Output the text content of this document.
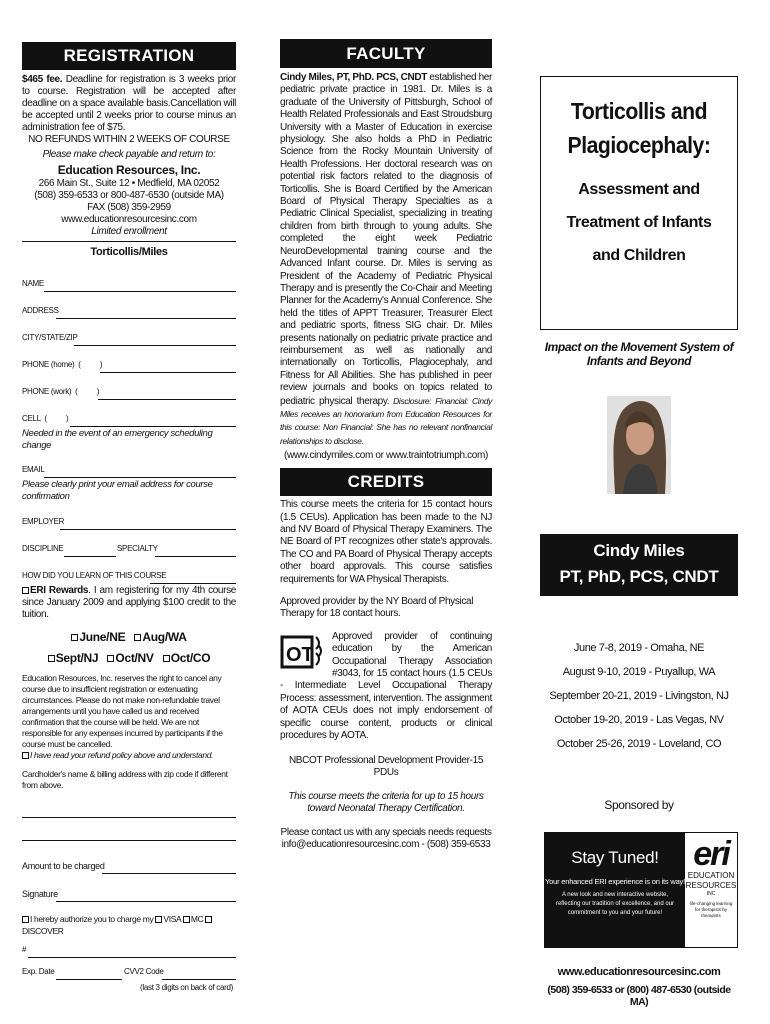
REGISTRATION

$465 fee. Deadline for registration is 3 weeks prior to course. Registration will be accepted after deadline on a space available basis.Cancellation will be accepted until 2 weeks prior to course minus an administration fee of $75.

NO REFUNDS WITHIN 2 WEEKS OF COURSE

Please make check payable and return to:

Education Resources, Inc.

266 Main St., Suite 12 • Medfield, MA 02052

(508) 359-6533 or 800-487-6530 (outside MA)

FAX (508) 359-2959

www.educationresourcesinc.com

Limited enrollment

Torticollis/Miles

NAME
ADDRESS
CITY/STATE/ZIP
PHONE (home)  (          )
PHONE (work)  (          )
CELL  (          )

Needed in the event of an emergency scheduling change

EMAIL

Please clearly print your email address for course confirmation

EMPLOYER
DISCIPLINE	SPECIALTY
HOW DID YOU LEARN OF THIS COURSE

ERI Rewards. I am registering for my 4th course since January 2009 and applying $100 credit to the tuition.

June/NE Aug/WA
Sept/NJ Oct/NV Oct/CO

Education Resources, Inc. reserves the right to cancel any course due to insufficient registration or extenuating circumstances. Please do not make non-refundable travel arrangements until you have called us and received confirmation that the course will be held. We are not responsible for any expenses incurred by participants if the course must be cancelled.

I have read your refund policy above and understand.

Cardholder's name & billing address with zip code if different from above.

Amount to be charged
Signature

I hereby authorize you to charge my VISA MC DISCOVER

#
Exp. Date	CVV2 Code

(last 3 digits on back of card)

FACULTY

Cindy Miles, PT, PhD. PCS, CNDT established her pediatric private practice in 1981. Dr. Miles is a graduate of the University of Pittsburgh, School of Health Related Professionals and East Stroudsburg University with a Master of Education in exercise physiology. She also holds a PhD in Pediatric Science from the Rocky Mountain University of Health Professions. Her doctoral research was on potential risk factors related to the diagnosis of Torticollis. She is Board Certified by the American Board of Physical Therapy Specialties as a Pediatric Clinical Specialist, specializing in treating children from birth through to young adults. She completed the eight week Pediatric NeuroDevelopmental training course and the Advanced Infant course. Dr. Miles is serving as President of the Academy of Pediatric Physical Therapy and is presently the Co-Chair and Meeting Planner for the Academy's Annual Conference. She held the titles of APPT Treasurer, Treasurer Elect and pediatric sports, fitness SIG chair. Dr. Miles presents nationally on pediatric private practice and reimbursement as well as nationally and internationally on Torticollis, Plagiocephaly, and Fitness for All Abilities. She has published in peer review journals and books on topics related to pediatric physical therapy. Disclosure: Financial: Cindy Miles receives an honorarium from Education Resources for this course: Non Financial: She has no relevant nonfinancial relationships to disclose.

(www.cindymiles.com or www.traintotriumph.com)

CREDITS

This course meets the criteria for 15 contact hours (1.5 CEUs). Application has been made to the NJ and NV Board of Physical Therapy Examiners. The NE Board of PT recognizes other state's approvals. The CO and PA Board of Physical Therapy accepts other board approvals. This course satisfies requirements for WA Physical Therapists.

Approved provider by the NY Board of Physical Therapy for 18 contact hours.

OT

Approved provider of continuing education by the American Occupational Therapy Association #3043, for 15 contact hours (1.5 CEUs - Intermediate Level Occupational Therapy Process: assessment, intervention. The assignment of AOTA CEUs does not imply endorsement of specific course content, products or clinical procedures by AOTA.

NBCOT Professional Development Provider-15 PDUs

This course meets the criteria for up to 15 hours toward Neonatal Therapy Certification.

Please contact us with any specials needs requests info@educationresourcesinc.com - (508) 359-6533

Torticollis and
Plagiocephaly:
Assessment and
Treatment of Infants
and Children

Impact on the Movement System of Infants and Beyond

Cindy Miles
PT, PhD, PCS, CNDT
June 7-8, 2019 - Omaha, NE
August 9-10, 2019 - Puyallup, WA
September 20-21, 2019 - Livingston, NJ
October 19-20, 2019 - Las Vegas, NV
October 25-26, 2019 - Loveland, CO

Sponsored by

Stay Tuned!
Your enhanced ERI experience is on its way!
A new look and new interactive website, reflecting our tradition of excellence, and our commitment to you and your future!
eri
EDUCATION
RESOURCES
INC
life-changing learning for therapists by therapists

www.educationresourcesinc.com

(508) 359-6533 or (800) 487-6530 (outside MA)
